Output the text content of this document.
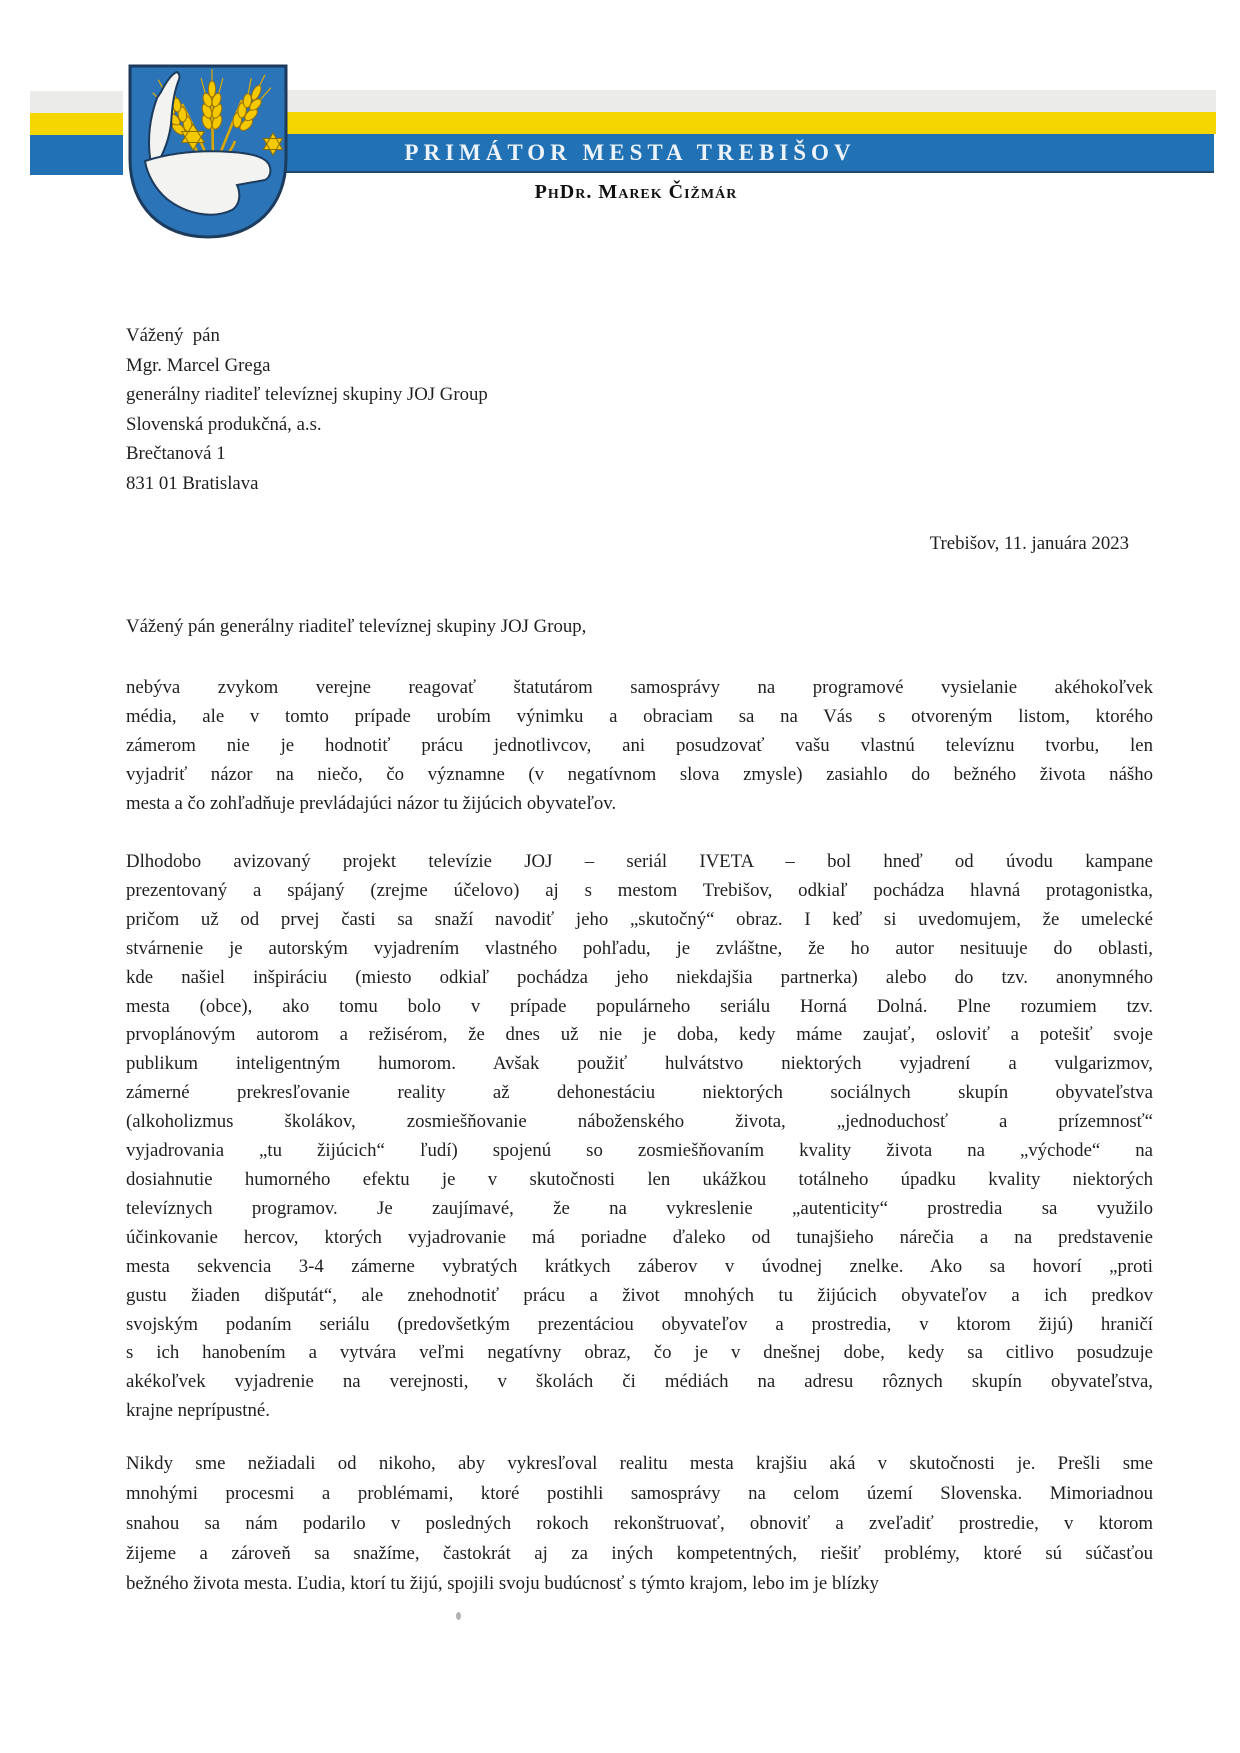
PRIMÁTOR MESTA TREBIŠOV
PhDr. Marek Čižmár
Vážený  pán
Mgr. Marcel Grega
generálny riaditeľ televíznej skupiny JOJ Group
Slovenská produkčná, a.s.
Brečtanová 1
831 01 Bratislava
Trebišov, 11. januára 2023
Vážený pán generálny riaditeľ televíznej skupiny JOJ Group,
nebýva zvykom verejne reagovať štatutárom samosprávy na programové vysielanie akéhokoľvek
média, ale v tomto prípade urobím výnimku a obraciam sa na Vás s otvoreným listom, ktorého
zámerom nie je hodnotiť prácu jednotlivcov, ani posudzovať vašu vlastnú televíznu tvorbu, len
vyjadriť názor na niečo, čo významne (v negatívnom slova zmysle) zasiahlo do bežného života nášho
mesta a čo zohľadňuje prevládajúci názor tu žijúcich obyvateľov.
Dlhodobo avizovaný projekt televízie JOJ – seriál IVETA – bol hneď od úvodu kampane
prezentovaný a spájaný (zrejme účelovo) aj s mestom Trebišov, odkiaľ pochádza hlavná protagonistka,
pričom už od prvej časti sa snaží navodiť jeho „skutočný“ obraz. I keď si uvedomujem, že umelecké
stvárnenie je autorským vyjadrením vlastného pohľadu, je zvláštne, že ho autor nesituuje do oblasti,
kde našiel inšpiráciu (miesto odkiaľ pochádza jeho niekdajšia partnerka) alebo do tzv. anonymného
mesta (obce), ako tomu bolo v prípade populárneho seriálu Horná Dolná. Plne rozumiem tzv.
prvoplánovým autorom a režisérom, že dnes už nie je doba, kedy máme zaujať, osloviť a potešiť svoje
publikum inteligentným humorom. Avšak použiť hulvátstvo niektorých vyjadrení a vulgarizmov,
zámerné prekresľovanie reality až dehonestáciu niektorých sociálnych skupín obyvateľstva
(alkoholizmus školákov, zosmiešňovanie náboženského života, „jednoduchosť a prízemnosť“
vyjadrovania „tu žijúcich“ ľudí) spojenú so zosmiešňovaním kvality života na „východe“ na
dosiahnutie humorného efektu je v skutočnosti len ukážkou totálneho úpadku kvality niektorých
televíznych programov. Je zaujímavé, že na vykreslenie „autenticity“ prostredia sa využilo
účinkovanie hercov, ktorých vyjadrovanie má poriadne ďaleko od tunajšieho nárečia a na predstavenie
mesta sekvencia 3-4 zámerne vybratých krátkych záberov v úvodnej znelke. Ako sa hovorí „proti
gustu žiaden dišputát“, ale znehodnotiť prácu a život mnohých tu žijúcich obyvateľov a ich predkov
svojským podaním seriálu (predovšetkým prezentáciou obyvateľov a prostredia, v ktorom žijú) hraničí
s ich hanobením a vytvára veľmi negatívny obraz, čo je v dnešnej dobe, kedy sa citlivo posudzuje
akékoľvek vyjadrenie na verejnosti, v školách či médiách na adresu rôznych skupín obyvateľstva,
krajne neprípustné.
Nikdy sme nežiadali od nikoho, aby vykresľoval realitu mesta krajšiu aká v skutočnosti je. Prešli sme
mnohými procesmi a problémami, ktoré postihli samosprávy na celom území Slovenska. Mimoriadnou
snahou sa nám podarilo v posledných rokoch rekonštruovať, obnoviť a zveľadiť prostredie, v ktorom
žijeme a zároveň sa snažíme, častokrát aj za iných kompetentných, riešiť problémy, ktoré sú súčasťou
bežného života mesta. Ľudia, ktorí tu žijú, spojili svoju budúcnosť s týmto krajom, lebo im je blízky
